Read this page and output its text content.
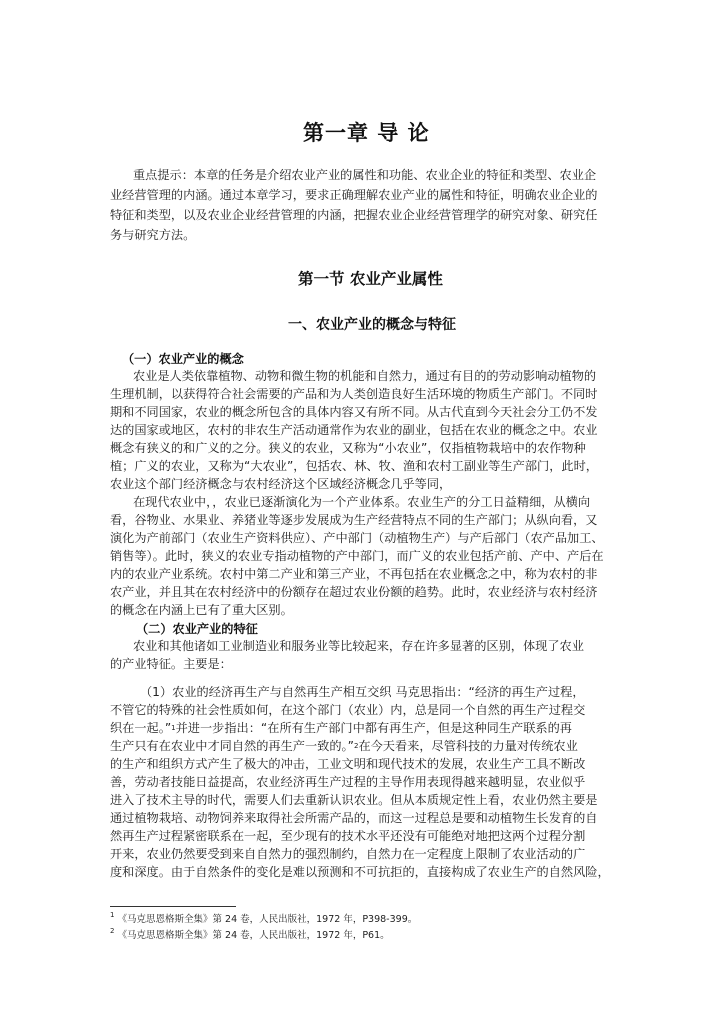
第一章 导 论
重点提示：本章的任务是介绍农业产业的属性和功能、农业企业的特征和类型、农业企
业经营管理的内涵。通过本章学习，要求正确理解农业产业的属性和特征，明确农业企业的
特征和类型，以及农业企业经营管理的内涵，把握农业企业经营管理学的研究对象、研究任
务与研究方法。
第一节 农业产业属性
一、农业产业的概念与特征
（一）农业产业的概念
农业是人类依靠植物、动物和微生物的机能和自然力，通过有目的的劳动影响动植物的
生理机制，以获得符合社会需要的产品和为人类创造良好生活环境的物质生产部门。不同时
期和不同国家，农业的概念所包含的具体内容又有所不同。从古代直到今天社会分工仍不发
达的国家或地区，农村的非农生产活动通常作为农业的副业，包括在农业的概念之中。农业
概念有狭义的和广义的之分。狭义的农业，又称为“小农业”，仅指植物栽培中的农作物种
植；广义的农业，又称为“大农业”，包括农、林、牧、渔和农村工副业等生产部门，此时，
农业这个部门经济概念与农村经济这个区域经济概念几乎等同，
在现代农业中，，农业已逐渐演化为一个产业体系。农业生产的分工日益精细，从横向
看，谷物业、水果业、养猪业等逐步发展成为生产经营特点不同的生产部门；从纵向看，又
演化为产前部门（农业生产资料供应）、产中部门（动植物生产）与产后部门（农产品加工、
销售等）。此时，狭义的农业专指动植物的产中部门，而广义的农业包括产前、产中、产后在
内的农业产业系统。农村中第二产业和第三产业，不再包括在农业概念之中，称为农村的非
农产业，并且其在农村经济中的份额存在超过农业份额的趋势。此时，农业经济与农村经济
的概念在内涵上已有了重大区别。
（二）农业产业的特征
农业和其他诸如工业制造业和服务业等比较起来，存在许多显著的区别，体现了农业
的产业特征。主要是：
（1）农业的经济再生产与自然再生产相互交织 马克思指出：“经济的再生产过程，
不管它的特殊的社会性质如何，在这个部门（农业）内，总是同一个自然的再生产过程交
织在一起。”$^1$并进一步指出：“在所有生产部门中都有再生产，但是这种同生产联系的再
生产只有在农业中才同自然的再生产一致的。”$^2$在今天看来，尽管科技的力量对传统农业
的生产和组织方式产生了极大的冲击，工业文明和现代技术的发展，农业生产工具不断改
善，劳动者技能日益提高，农业经济再生产过程的主导作用表现得越来越明显，农业似乎
进入了技术主导的时代，需要人们去重新认识农业。但从本质规定性上看，农业仍然主要是
通过植物栽培、动物饲养来取得社会所需产品的，而这一过程总是要和动植物生长发育的自
然再生产过程紧密联系在一起，至少现有的技术水平还没有可能绝对地把这两个过程分割
开来，农业仍然要受到来自自然力的强烈制约，自然力在一定程度上限制了农业活动的广
度和深度。由于自然条件的变化是难以预测和不可抗拒的，直接构成了农业生产的自然风险，
$^1$ 《马克思恩格斯全集》第 24 卷，人民出版社，1972 年，P398-399。
$^2$ 《马克思恩格斯全集》第 24 卷，人民出版社，1972 年，P61。
